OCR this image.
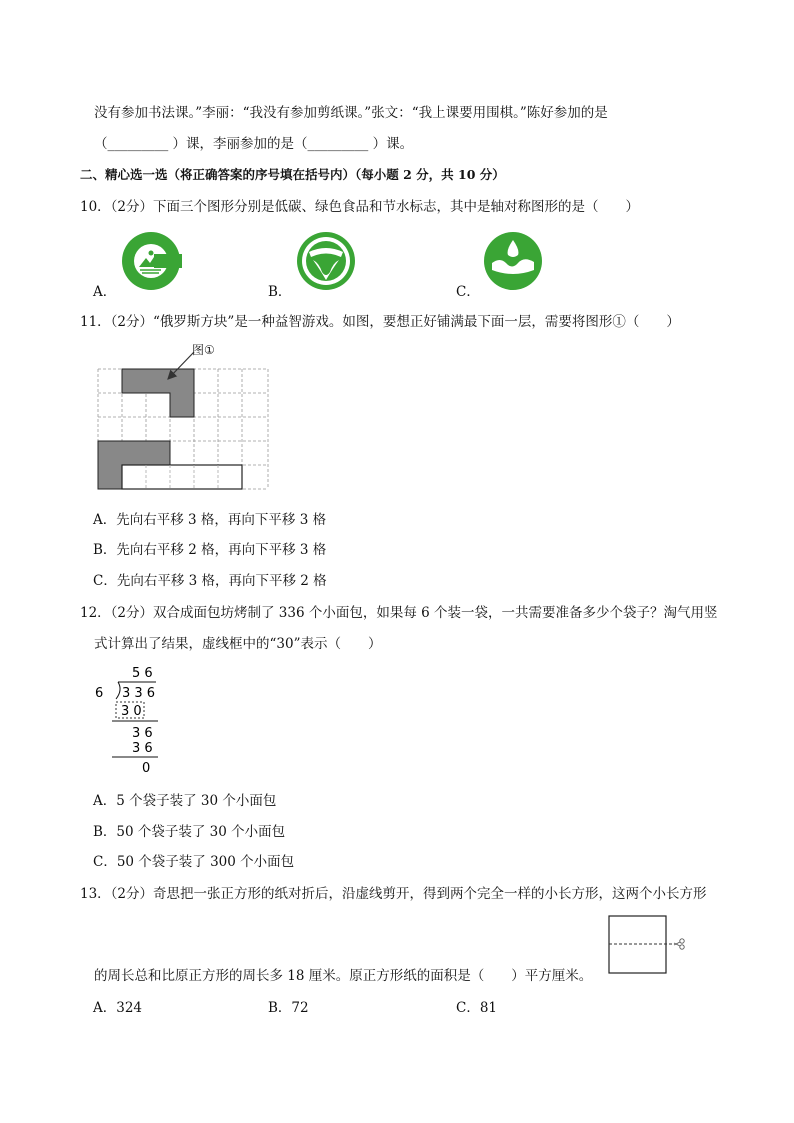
没有参加书法课。”李丽：“我没有参加剪纸课。”张文：“我上课要用围棋。”陈好参加的是
（_________ ）课，李丽参加的是（_________ ）课。
二、精心选一选（将正确答案的序号填在括号内）（每小题 2 分，共 10 分）
10．（2分）下面三个图形分别是低碳、绿色食品和节水标志，其中是轴对称图形的是（　　）
A．	B．	C．
11．（2分）“俄罗斯方块”是一种益智游戏。如图，要想正好铺满最下面一层，需要将图形①（　　）
图①
A．先向右平移 3 格，再向下平移 3 格
B．先向右平移 2 格，再向下平移 3 格
C．先向右平移 3 格，再向下平移 2 格
12．（2分）双合成面包坊烤制了 336 个小面包，如果每 6 个装一袋，一共需要准备多少个袋子？淘气用竖
式计算出了结果，虚线框中的“30”表示（　　）
5 6
6 3 3 6
3 0
3 6
3 6
0
A．5 个袋子装了 30 个小面包
B．50 个袋子装了 30 个小面包
C．50 个袋子装了 300 个小面包
13．（2分）奇思把一张正方形的纸对折后，沿虚线剪开，得到两个完全一样的小长方形，这两个小长方形
的周长总和比原正方形的周长多 18 厘米。原正方形纸的面积是（　　）平方厘米。
A．324	B．72	C．81
